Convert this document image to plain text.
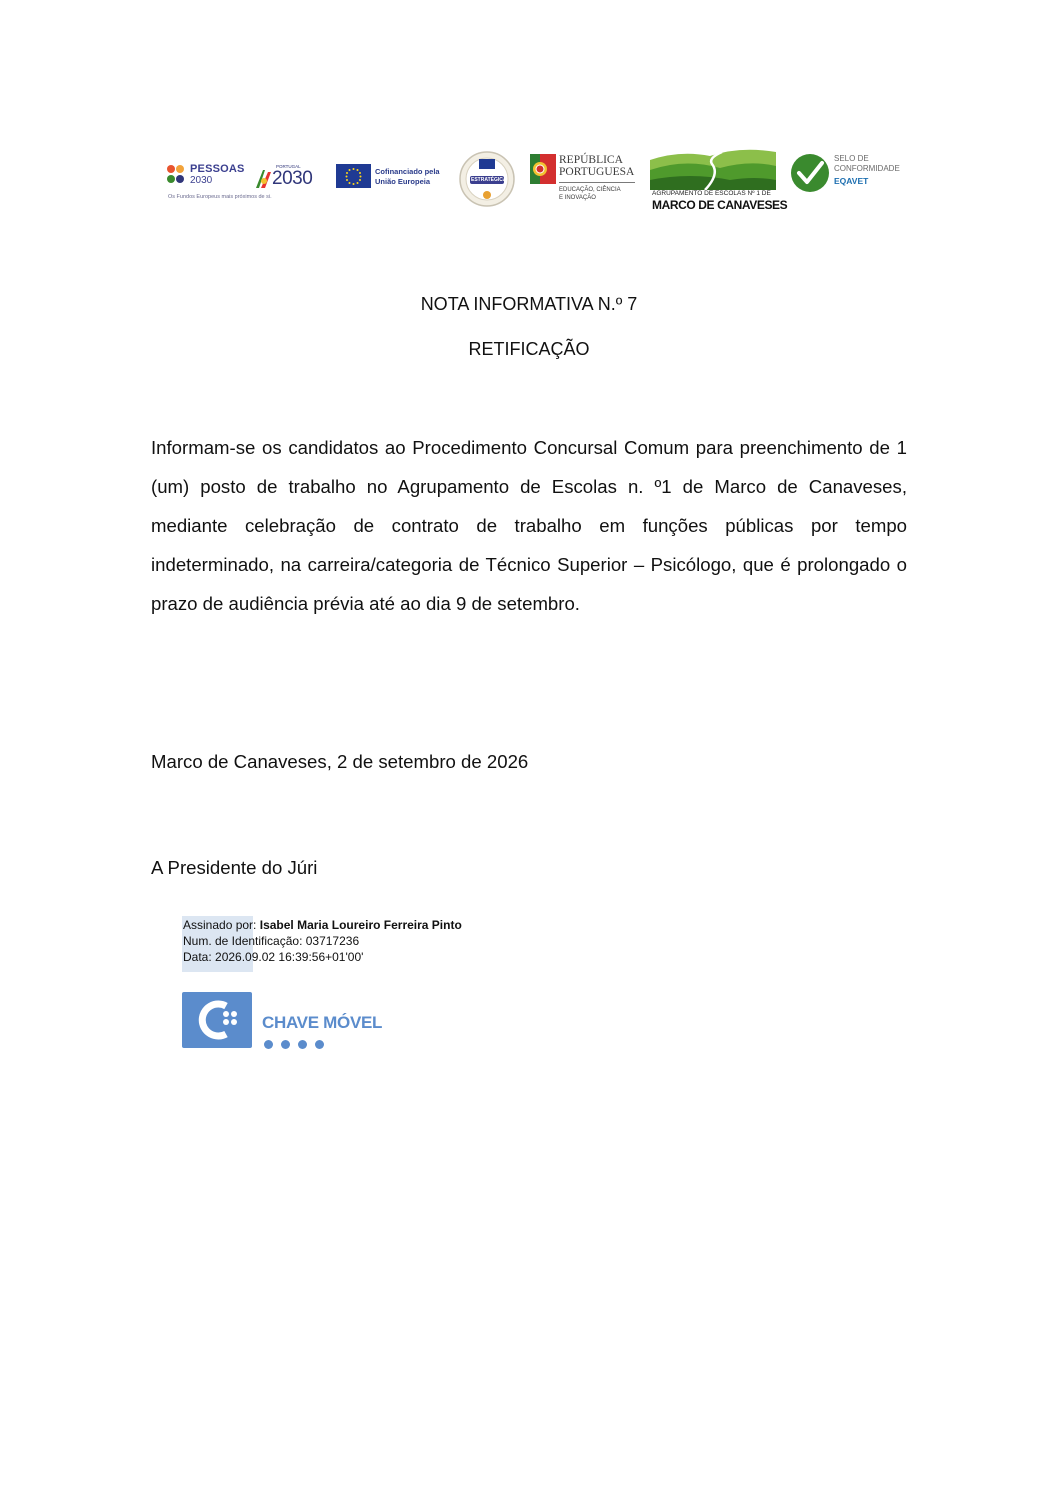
PESSOAS
2030
Os Fundos Europeus mais próximos de si.
PORTUGAL
2030	Cofinanciado pela
União Europeia	ESTRATÉGICA
REPÚBLICA
PORTUGUESA
EDUCAÇÃO, CIÊNCIA
E INOVAÇÃO
AGRUPAMENTO DE ESCOLAS Nº 1 DE
MARCO DE CANAVESES
SELO DE
CONFORMIDADE
EQAVET
NOTA INFORMATIVA N.º 7
RETIFICAÇÃO

Informam-se os candidatos ao Procedimento Concursal Comum para preenchimento de 1 (um) posto de trabalho no Agrupamento de Escolas n. º1 de Marco de Canaveses, mediante celebração de contrato de trabalho em funções públicas por tempo indeterminado, na carreira/categoria de Técnico Superior – Psicólogo, que é prolongado o prazo de audiência prévia até ao dia 9 de setembro.

Marco de Canaveses, 2 de setembro de 2026
A Presidente do Júri
Assinado por: Isabel Maria Loureiro Ferreira Pinto
Num. de Identificação: 03717236
Data: 2026.09.02 16:39:56+01'00'
CHAVE MÓVEL
